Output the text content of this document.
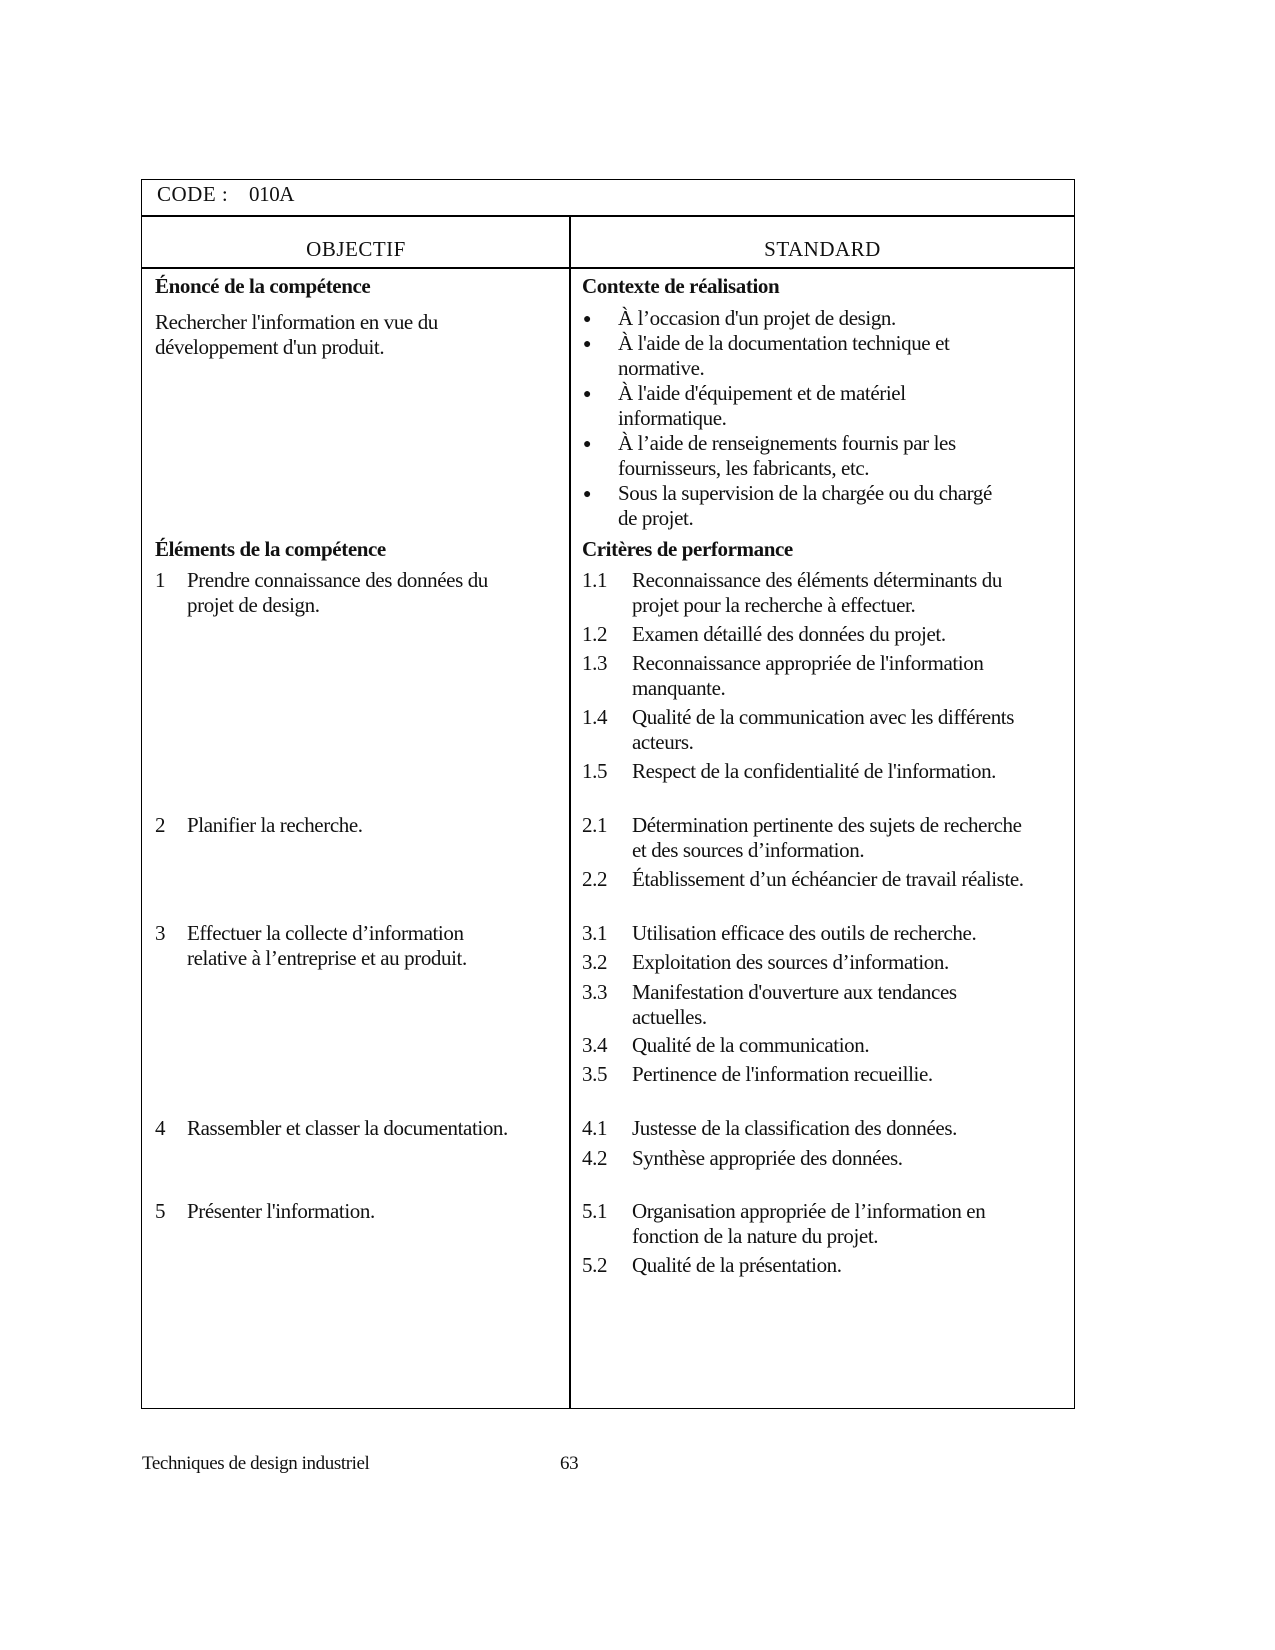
CODE : 010A
OBJECTIF	STANDARD
Énoncé de la compétence
Rechercher l'information en vue du
développement d'un produit.
Éléments de la compétence
1 Prendre connaissance des données du
projet de design.
2 Planifier la recherche.
3 Effectuer la collecte d’information
relative à l’entreprise et au produit.
4 Rassembler et classer la documentation.
5 Présenter l'information.
Contexte de réalisation
Critères de performance
● À l’occasion d'un projet de design.
● À l'aide de la documentation technique et
normative.
● À l'aide d'équipement et de matériel
informatique.
● À l’aide de renseignements fournis par les
fournisseurs, les fabricants, etc.
● Sous la supervision de la chargée ou du chargé
de projet.
1.1 Reconnaissance des éléments déterminants du
projet pour la recherche à effectuer.
1.2 Examen détaillé des données du projet.
1.3 Reconnaissance appropriée de l'information
manquante.
1.4 Qualité de la communication avec les différents
acteurs.
1.5 Respect de la confidentialité de l'information.
2.1 Détermination pertinente des sujets de recherche
et des sources d’information.
2.2 Établissement d’un échéancier de travail réaliste.
3.1 Utilisation efficace des outils de recherche.
3.2 Exploitation des sources d’information.
3.3 Manifestation d'ouverture aux tendances
actuelles.
3.4 Qualité de la communication.
3.5 Pertinence de l'information recueillie.
4.1 Justesse de la classification des données.
4.2 Synthèse appropriée des données.
5.1 Organisation appropriée de l’information en
fonction de la nature du projet.
5.2 Qualité de la présentation.
Techniques de design industriel	63
